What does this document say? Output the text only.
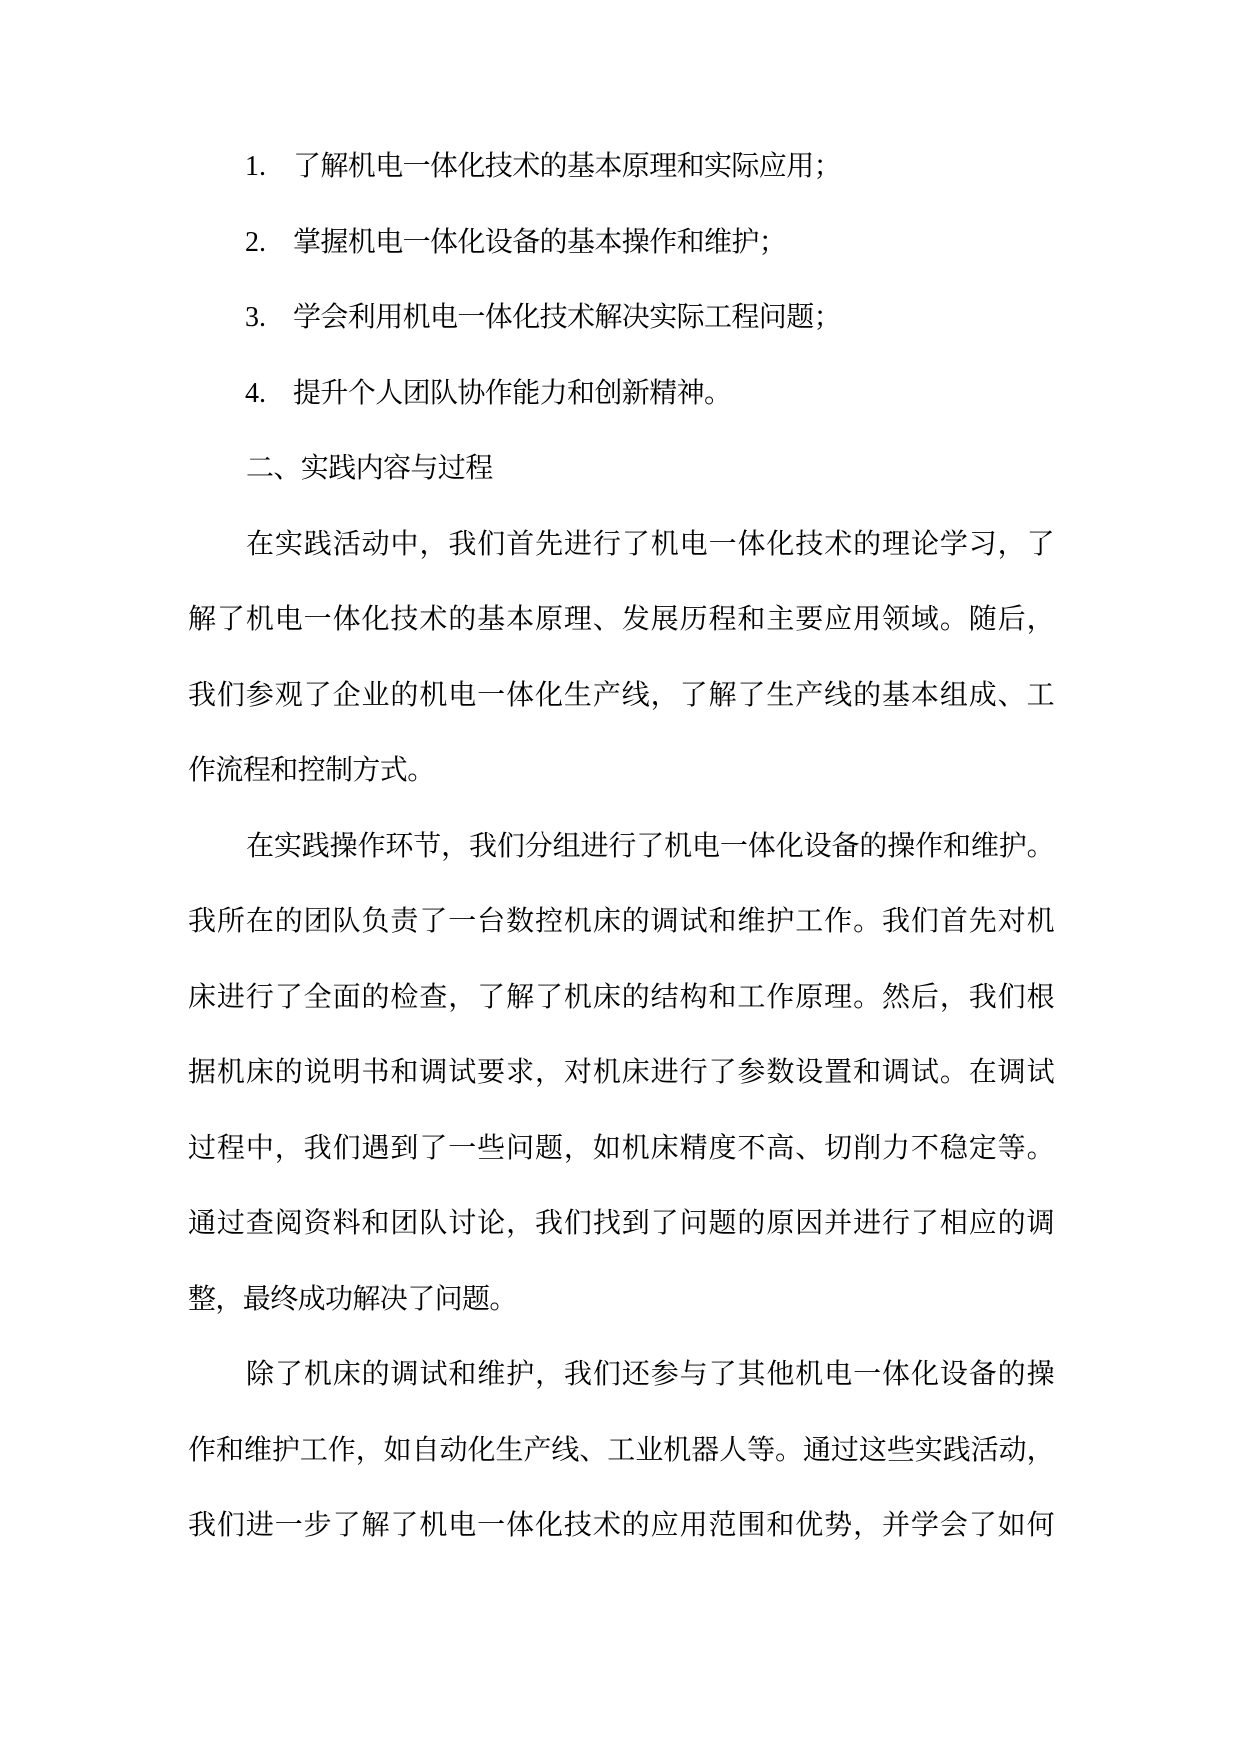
1. 了解机电一体化技术的基本原理和实际应用；
2. 掌握机电一体化设备的基本操作和维护；
3. 学会利用机电一体化技术解决实际工程问题；
4. 提升个人团队协作能力和创新精神。
二、实践内容与过程
在实践活动中，我们首先进行了机电一体化技术的理论学习，了
解了机电一体化技术的基本原理、发展历程和主要应用领域。随后，
我们参观了企业的机电一体化生产线，了解了生产线的基本组成、工
作流程和控制方式。
在实践操作环节，我们分组进行了机电一体化设备的操作和维护。
我所在的团队负责了一台数控机床的调试和维护工作。我们首先对机
床进行了全面的检查，了解了机床的结构和工作原理。然后，我们根
据机床的说明书和调试要求，对机床进行了参数设置和调试。在调试
过程中，我们遇到了一些问题，如机床精度不高、切削力不稳定等。
通过查阅资料和团队讨论，我们找到了问题的原因并进行了相应的调
整，最终成功解决了问题。
除了机床的调试和维护，我们还参与了其他机电一体化设备的操
作和维护工作，如自动化生产线、工业机器人等。通过这些实践活动，
我们进一步了解了机电一体化技术的应用范围和优势，并学会了如何
